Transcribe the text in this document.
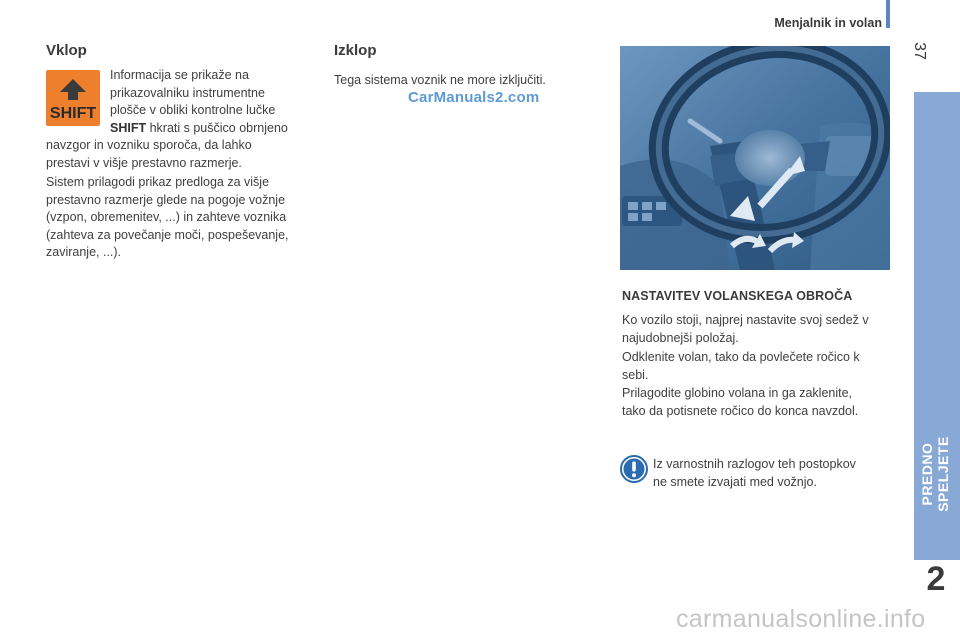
Menjalnik in volan
37
PREDNO SPELJETE
2
Vklop
SHIFT
Informacija se prikaže na
prikazovalniku instrumentne
plošče v obliki kontrolne lučke
SHIFT hkrati s puščico obrnjeno
navzgor in vozniku sporoča, da lahko
prestavi v višje prestavno razmerje.
Sistem prilagodi prikaz predloga za višje
prestavno razmerje glede na pogoje vožnje
(vzpon, obremenitev, ...) in zahteve voznika
(zahteva za povečanje moči, pospeševanje,
zaviranje, ...).
Izklop
Tega sistema voznik ne more izključiti.
CarManuals2.com
NASTAVITEV VOLANSKEGA OBROČA
Ko vozilo stoji, najprej nastavite svoj sedež v
najudobnejši položaj.
Odklenite volan, tako da povlečete ročico k
sebi.
Prilagodite globino volana in ga zaklenite,
tako da potisnete ročico do konca navzdol.
Iz varnostnih razlogov teh postopkov
ne smete izvajati med vožnjo.
carmanualsonline.info
